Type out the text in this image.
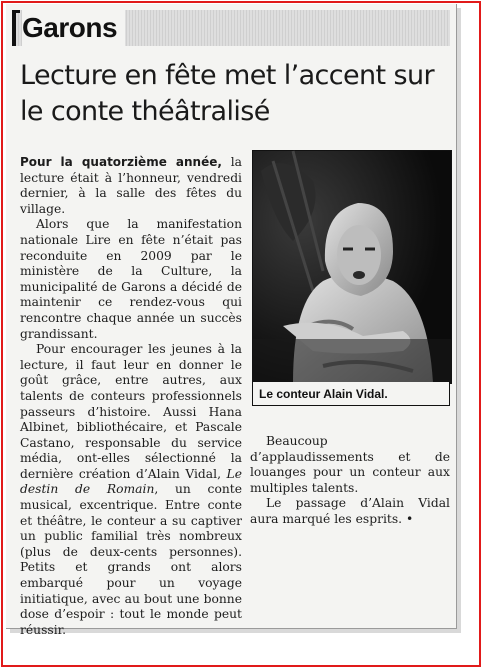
Garons
Lecture en fête met l’accent sur le conte théâtralisé

Pour la quatorzième année, la lecture était à l’honneur, vendredi dernier, à la salle des fêtes du village.

Alors que la manifestation nationale Lire en fête n’était pas reconduite en 2009 par le ministère de la Culture, la municipalité de Garons a décidé de maintenir ce rendez-vous qui rencontre chaque année un succès grandissant.

Pour encourager les jeunes à la lecture, il faut leur en donner le goût grâce, entre autres, aux talents de conteurs professionnels passeurs d’histoire. Aussi Hana Albinet, bibliothécaire, et Pascale Castano, responsable du service média, ont-elles sélectionné la dernière création d’Alain Vidal, Le destin de Romain, un conte musical, excentrique. Entre conte et théâtre, le conteur a su captiver un public familial très nombreux (plus de deux-cents personnes). Petits et grands ont alors embarqué pour un voyage initiatique, avec au bout une bonne dose d’espoir : tout le monde peut réussir.

Le conteur Alain Vidal.

Beaucoup d’applaudissements et de louanges pour un conteur aux multiples talents.

Le passage d’Alain Vidal aura marqué les esprits. •
